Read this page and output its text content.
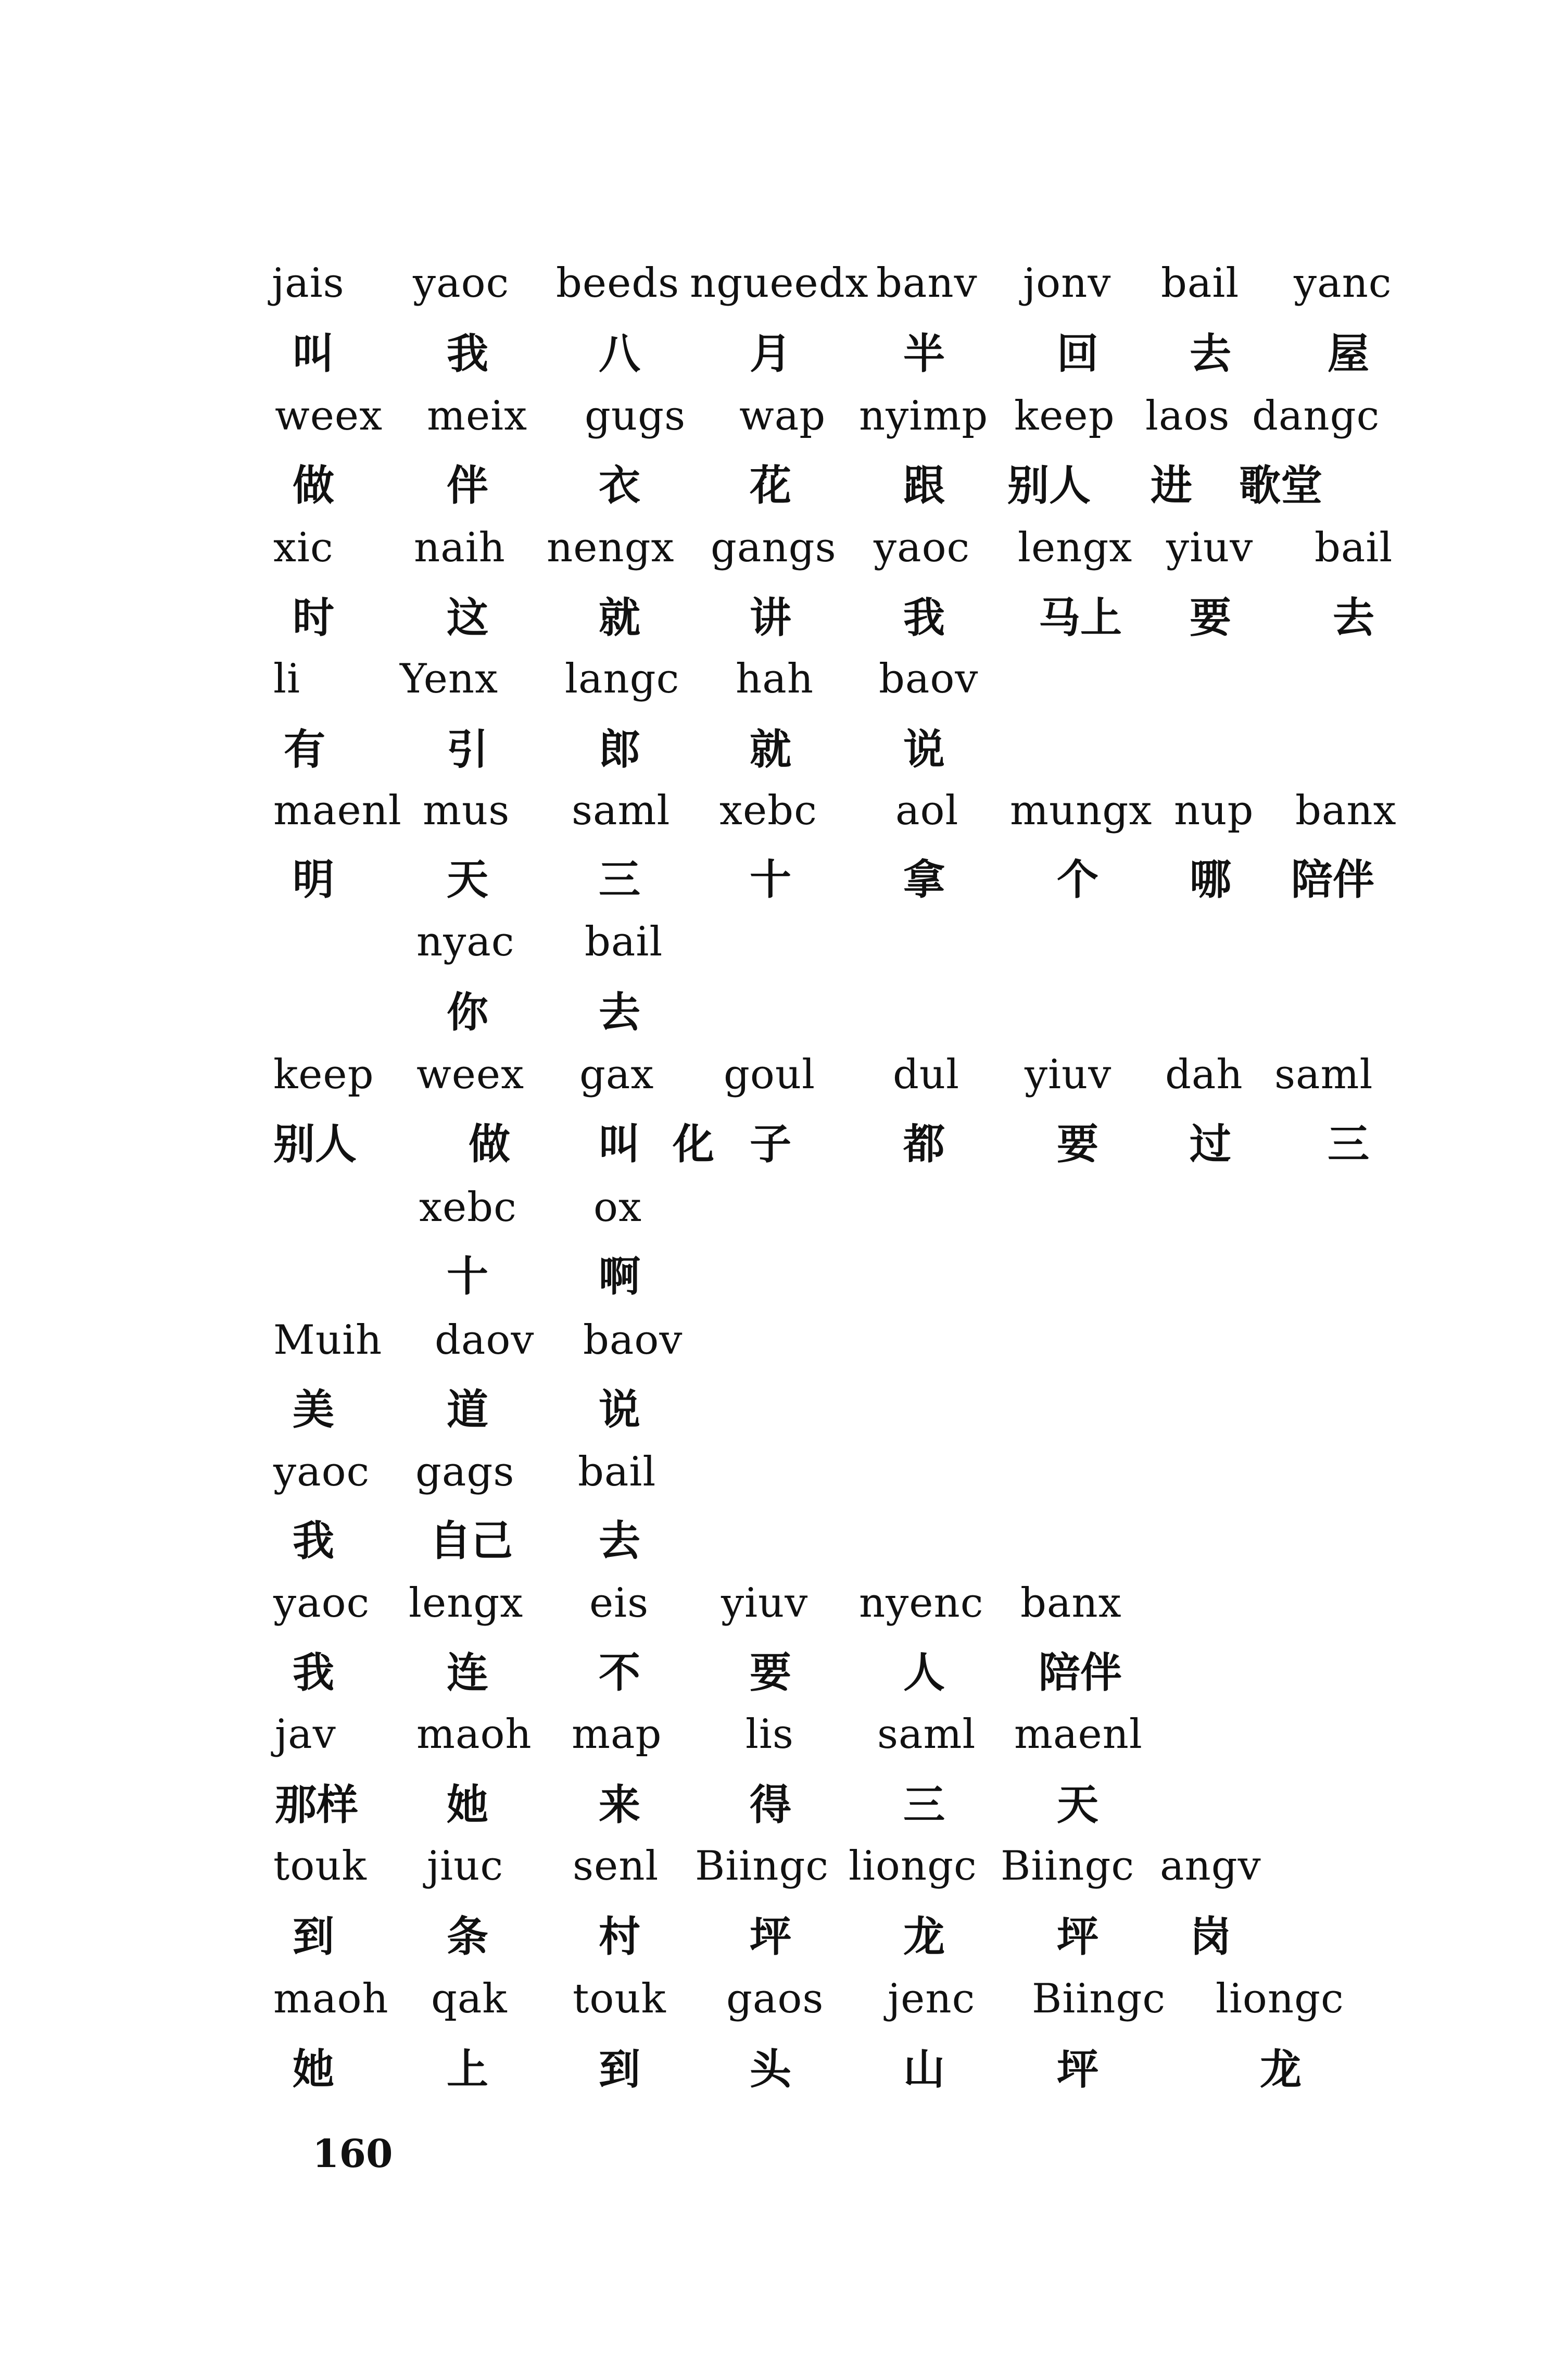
jais yaoc beeds ngueedx banv jonv bail yanc
叫	我	八	月	半	回 去 屋
weex meix gugs wap nyimp keep laos dangc
做	伴	衣	花	跟 别人 进 歌堂
xic naih nengx gangs yaoc lengx yiuv bail
时	这	就	讲	我 马上 要 去
li Yenx langc hah baov
有	引	郎	就	说
maenl mus saml xebc aol mungx nup banx
明	天	三	十	拿	个 哪 陪伴
nyac bail
你	去
keep weex gax goul dul yiuv dah saml
别人	做 叫 化 子	都	要 过 三
xebc ox
十	啊
Muih daov baov
美	道	说
yaoc gags bail
我 自己 去
yaoc lengx eis yiuv nyenc banx
我	连	不	要	人 陪伴
jav maoh map lis saml maenl
那样 她	来	得	三	天
touk jiuc senl Biingc liongc Biingc angv
到	条	村	坪	龙	坪 岗
maoh qak touk gaos jenc Biingc liongc
她	上	到	头	山	坪	龙
160
